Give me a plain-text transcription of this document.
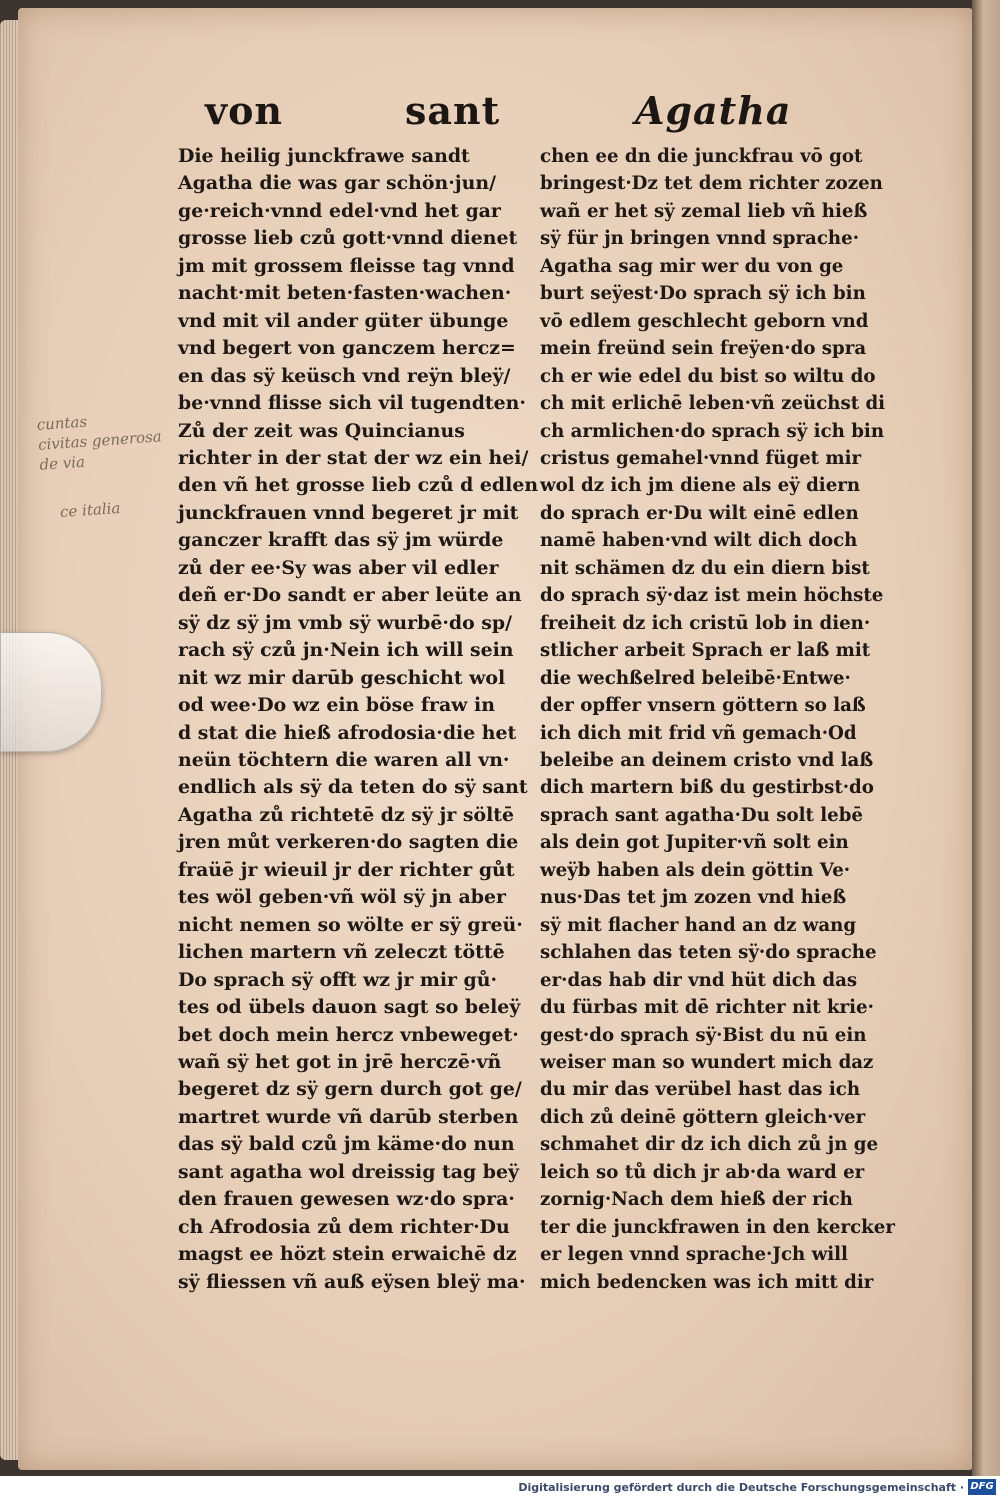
von	sant	Agatha
cuntas
civitas generosa
de via
ce italia
Die heilig junckfrawe sandt
Agatha die was gar schön·jun/
ge·reich·vnnd edel·vnd het gar
grosse lieb czů gott·vnnd dienet
jm mit grossem fleisse tag vnnd
nacht·mit beten·fasten·wachen·
vnd mit vil ander güter übunge
vnd begert von ganczem hercz=
en das sÿ keüsch vnd reÿn bleÿ/
be·vnnd flisse sich vil tugendten·
Zů der zeit was Quincianus
richter in der stat der wz ein hei/
den vñ het grosse lieb czů d edlen
junckfrauen vnnd begeret jr mit
ganczer krafft das sÿ jm würde
zů der ee·Sy was aber vil edler
deñ er·Do sandt er aber leüte an
sÿ dz sÿ jm vmb sÿ wurbē·do sp/
rach sÿ czů jn·Nein ich will sein
nit wz mir darūb geschicht wol
od wee·Do wz ein böse fraw in
d stat die hieß afrodosia·die het
neün töchtern die waren all vn·
endlich als sÿ da teten do sÿ sant
Agatha zů richtetē dz sÿ jr söltē
jren můt verkeren·do sagten die
fraüē jr wieuil jr der richter gůt
tes wöl geben·vñ wöl sÿ jn aber
nicht nemen so wölte er sÿ greü·
lichen martern vñ zeleczt töttē
Do sprach sÿ offt wz jr mir gů·
tes od übels dauon sagt so beleÿ
bet doch mein hercz vnbeweget·
wañ sÿ het got in jrē herczē·vñ
begeret dz sÿ gern durch got ge/
martret wurde vñ darūb sterben
das sÿ bald czů jm käme·do nun
sant agatha wol dreissig tag beÿ
den frauen gewesen wz·do spra·
ch Afrodosia zů dem richter·Du
magst ee hözt stein erwaichē dz
sÿ fliessen vñ auß eÿsen bleÿ ma·
chen ee dn die junckfrau vō got
bringest·Dz tet dem richter zozen
wañ er het sÿ zemal lieb vñ hieß
sÿ für jn bringen vnnd sprache·
Agatha sag mir wer du von ge
burt seÿest·Do sprach sÿ ich bin
vō edlem geschlecht geborn vnd
mein freünd sein freÿen·do spra
ch er wie edel du bist so wiltu do
ch mit erlichē leben·vñ zeüchst di
ch armlichen·do sprach sÿ ich bin
cristus gemahel·vnnd füget mir
wol dz ich jm diene als eÿ diern
do sprach er·Du wilt einē edlen
namē haben·vnd wilt dich doch
nit schämen dz du ein diern bist
do sprach sÿ·daz ist mein höchste
freiheit dz ich cristū lob in dien·
stlicher arbeit Sprach er laß mit
die wechßelred beleibē·Entwe·
der opffer vnsern göttern so laß
ich dich mit frid vñ gemach·Od
beleibe an deinem cristo vnd laß
dich martern biß du gestirbst·do
sprach sant agatha·Du solt lebē
als dein got Jupiter·vñ solt ein
weÿb haben als dein göttin Ve·
nus·Das tet jm zozen vnd hieß
sÿ mit flacher hand an dz wang
schlahen das teten sÿ·do sprache
er·das hab dir vnd hüt dich das
du fürbas mit dē richter nit krie·
gest·do sprach sÿ·Bist du nū ein
weiser man so wundert mich daz
du mir das verübel hast das ich
dich zů deinē göttern gleich·ver
schmahet dir dz ich dich zů jn ge
leich so tů dich jr ab·da ward er
zornig·Nach dem hieß der rich
ter die junckfrawen in den kercker
er legen vnnd sprache·Jch will
mich bedencken was ich mitt dir
Digitalisierung gefördert durch die Deutsche Forschungsgemeinschaft · DFG
